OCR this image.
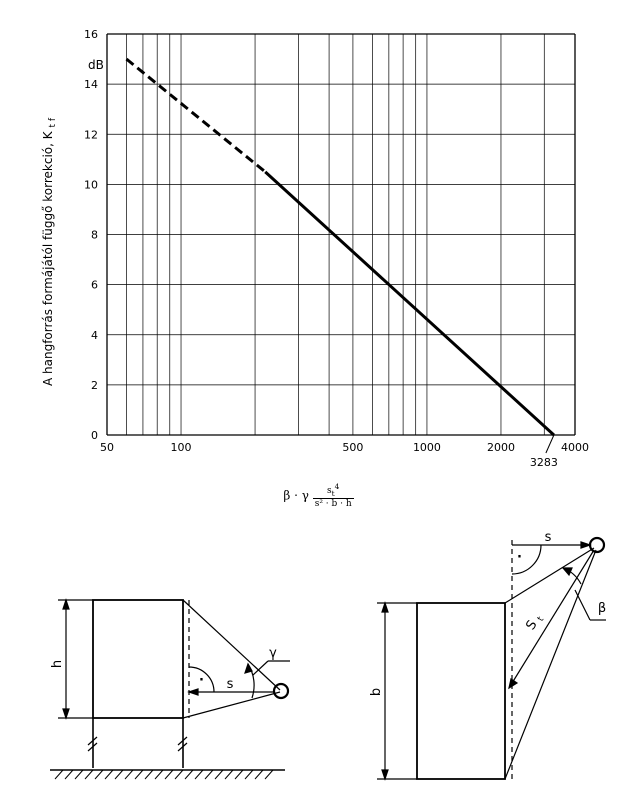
50	100	500	1000	2000	4000
0
2
4
6
8
10
12
14
16
dB
A hangforrás formájától függő korrekció, K $_{t f}$
3283
h
s
γ
·
b
s
·
S $_t$
β
β · γ $\frac{s_t^4}{\text{s² · b · h}}$
